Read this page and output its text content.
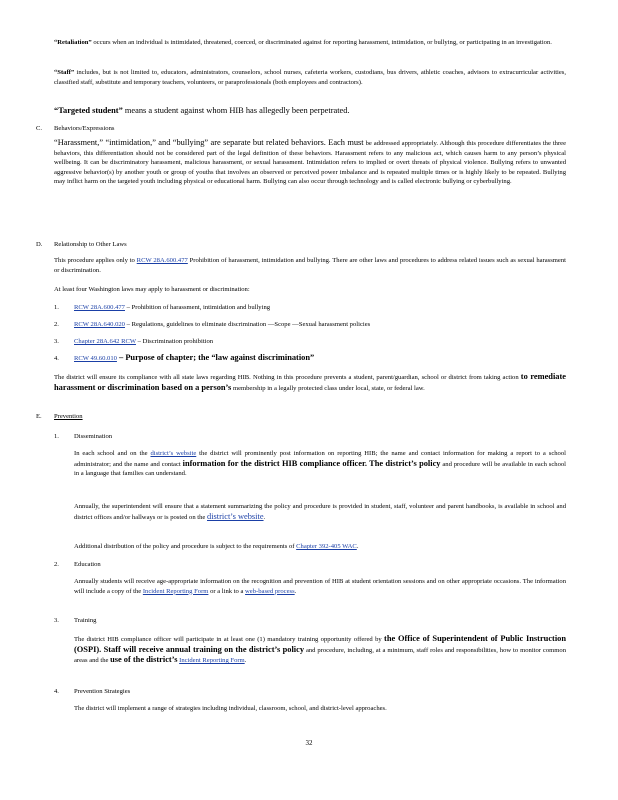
“Retaliation” occurs when an individual is intimidated, threatened, coerced, or discriminated against for reporting harassment, intimidation, or bullying, or participating in an investigation.
“Staff” includes, but is not limited to, educators, administrators, counselors, school nurses, cafeteria workers, custodians, bus drivers, athletic coaches, advisors to extracurricular activities, classified staff, substitute and temporary teachers, volunteers, or paraprofessionals (both employees and contractors).
“Targeted student” means a student against whom HIB has allegedly been perpetrated.
C. Behaviors/Expressions
“Harassment,” “intimidation,” and “bullying” are separate but related behaviors. Each must be addressed appropriately. Although this procedure differentiates the three behaviors, this differentiation should not be considered part of the legal definition of these behaviors. Harassment refers to any malicious act, which causes harm to any person’s physical wellbeing. It can be discriminatory harassment, malicious harassment, or sexual harassment. Intimidation refers to implied or overt threats of physical violence. Bullying refers to unwanted aggressive behavior(s) by another youth or group of youths that involves an observed or perceived power imbalance and is repeated multiple times or is highly likely to be repeated. Bullying may inflict harm on the targeted youth including physical or educational harm. Bullying can also occur through technology and is called electronic bullying or cyberbullying.
D. Relationship to Other Laws
This procedure applies only to RCW 28A.600.477 Prohibition of harassment, intimidation and bullying. There are other laws and procedures to address related issues such as sexual harassment or discrimination.
At least four Washington laws may apply to harassment or discrimination:
1. RCW 28A.600.477 – Prohibition of harassment, intimidation and bullying
2. RCW 28A.640.020 – Regulations, guidelines to eliminate discrimination —Scope —Sexual harassment policies
3. Chapter 28A.642 RCW – Discrimination prohibition
4. RCW 49.60.010 – Purpose of chapter; the “law against discrimination”
The district will ensure its compliance with all state laws regarding HIB. Nothing in this procedure prevents a student, parent/guardian, school or district from taking action to remediate harassment or discrimination based on a person’s membership in a legally protected class under local, state, or federal law.
E. Prevention
1. Dissemination
In each school and on the district’s website the district will prominently post information on reporting HIB; the name and contact information for making a report to a school administrator; and the name and contact information for the district HIB compliance officer. The district’s policy and procedure will be available in each school in a language that families can understand.
Annually, the superintendent will ensure that a statement summarizing the policy and procedure is provided in student, staff, volunteer and parent handbooks, is available in school and district offices and/or hallways or is posted on the district’s website.
Additional distribution of the policy and procedure is subject to the requirements of Chapter 392-405 WAC.
2. Education
Annually students will receive age-appropriate information on the recognition and prevention of HIB at student orientation sessions and on other appropriate occasions. The information will include a copy of the Incident Reporting Form or a link to a web-based process.
3. Training
The district HIB compliance officer will participate in at least one (1) mandatory training opportunity offered by the Office of Superintendent of Public Instruction (OSPI). Staff will receive annual training on the district’s policy and procedure, including, at a minimum, staff roles and responsibilities, how to monitor common areas and the use of the district’s Incident Reporting Form.
4. Prevention Strategies
The district will implement a range of strategies including individual, classroom, school, and district-level approaches.
32
